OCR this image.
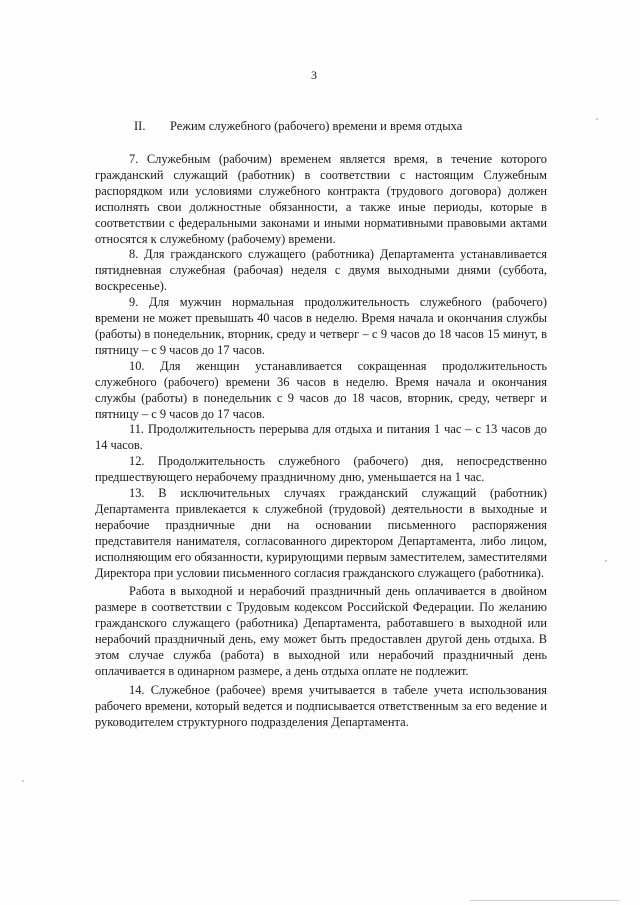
3
II. Режим служебного (рабочего) времени и время отдыха

7. Служебным (рабочим) временем является время, в течение которого гражданский служащий (работник) в соответствии с настоящим Служебным распорядком или условиями служебного контракта (трудового договора) должен исполнять свои должностные обязанности, а также иные периоды, которые в соответствии с федеральными законами и иными нормативными правовыми актами относятся к служебному (рабочему) времени.

8. Для гражданского служащего (работника) Департамента устанавливается пятидневная служебная (рабочая) неделя с двумя выходными днями (суббота, воскресенье).

9. Для мужчин нормальная продолжительность служебного (рабочего) времени не может превышать 40 часов в неделю. Время начала и окончания службы (работы) в понедельник, вторник, среду и четверг – с 9 часов до 18 часов 15 минут, в пятницу – с 9 часов до 17 часов.

10. Для женщин устанавливается сокращенная продолжительность служебного (рабочего) времени 36 часов в неделю. Время начала и окончания службы (работы) в понедельник с 9 часов до 18 часов, вторник, среду, четверг и пятницу – с 9 часов до 17 часов.

11. Продолжительность перерыва для отдыха и питания 1 час – с 13 часов до 14 часов.

12. Продолжительность служебного (рабочего) дня, непосредственно предшествующего нерабочему праздничному дню, уменьшается на 1 час.

13. В исключительных случаях гражданский служащий (работник) Департамента привлекается к служебной (трудовой) деятельности в выходные и нерабочие праздничные дни на основании письменного распоряжения представителя нанимателя, согласованного директором Департамента, либо лицом, исполняющим его обязанности, курирующими первым заместителем, заместителями Директора при условии письменного согласия гражданского служащего (работника).

Работа в выходной и нерабочий праздничный день оплачивается в двойном размере в соответствии с Трудовым кодексом Российской Федерации. По желанию гражданского служащего (работника) Департамента, работавшего в выходной или нерабочий праздничный день, ему может быть предоставлен другой день отдыха. В этом случае служба (работа) в выходной или нерабочий праздничный день оплачивается в одинарном размере, а день отдыха оплате не подлежит.

14. Служебное (рабочее) время учитывается в табеле учета использования рабочего времени, который ведется и подписывается ответственным за его ведение и руководителем структурного подразделения Департамента.
